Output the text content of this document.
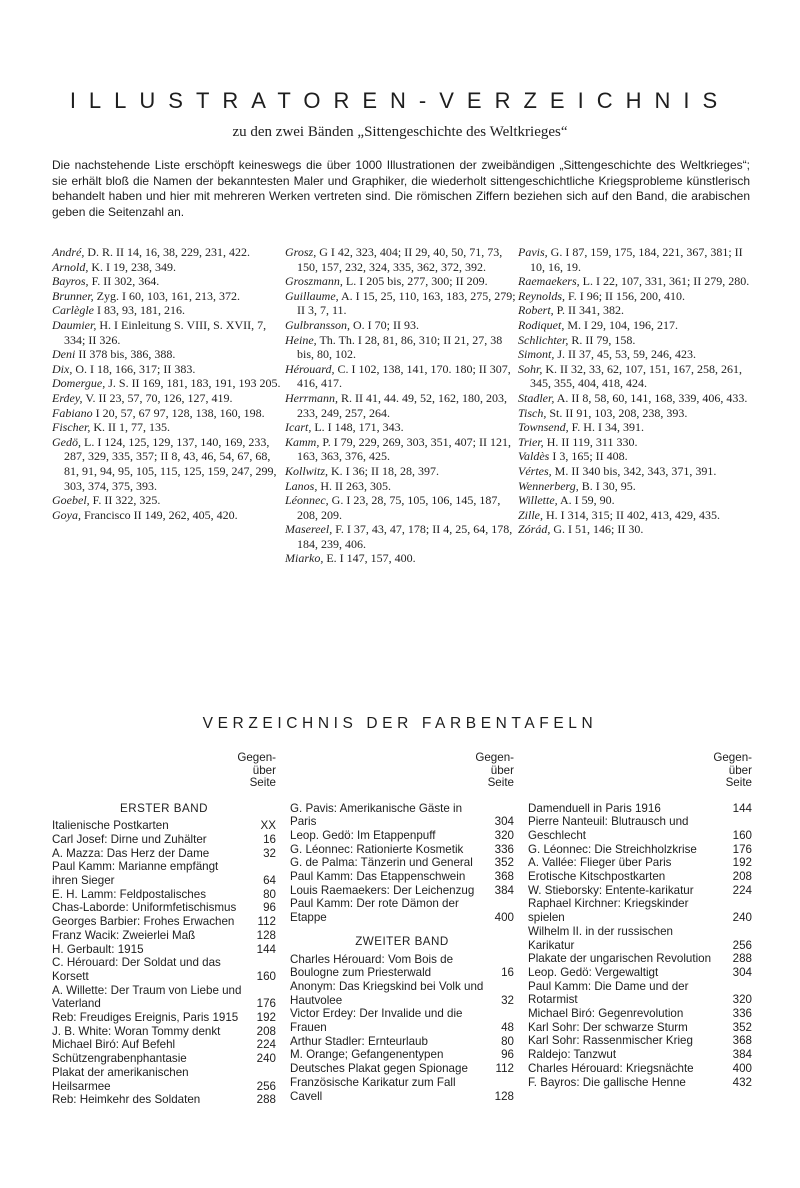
ILLUSTRATOREN-VERZEICHNIS

zu den zwei Bänden „Sittengeschichte des Weltkrieges“

Die nachstehende Liste erschöpft keineswegs die über 1000 Illustrationen der zweibändigen „Sittengeschichte des Weltkrieges“; sie erhält bloß die Namen der bekanntesten Maler und Graphiker, die wiederholt sittengeschichtliche Kriegsprobleme künstlerisch behandelt haben und hier mit mehreren Werken vertreten sind. Die römischen Ziffern beziehen sich auf den Band, die arabischen geben die Seitenzahl an.

André, D. R. II 14, 16, 38, 229, 231, 422.

Arnold, K. I 19, 238, 349.

Bayros, F. II 302, 364.

Brunner, Zyg. I 60, 103, 161, 213, 372.

Carlègle I 83, 93, 181, 216.

Daumier, H. I Einleitung S. VIII, S. XVII, 7, 334; II 326.

Deni II 378 bis, 386, 388.

Dix, O. I 18, 166, 317; II 383.

Domergue, J. S. II 169, 181, 183, 191, 193 205.

Erdey, V. II 23, 57, 70, 126, 127, 419.

Fabiano I 20, 57, 67 97, 128, 138, 160, 198.

Fischer, K. II 1, 77, 135.

Gedö, L. I 124, 125, 129, 137, 140, 169, 233, 287, 329, 335, 357; II 8, 43, 46, 54, 67, 68, 81, 91, 94, 95, 105, 115, 125, 159, 247, 299, 303, 374, 375, 393.

Goebel, F. II 322, 325.

Goya, Francisco II 149, 262, 405, 420.

Grosz, G I 42, 323, 404; II 29, 40, 50, 71, 73, 150, 157, 232, 324, 335, 362, 372, 392.

Groszmann, L. I 205 bis, 277, 300; II 209.

Guillaume, A. I 15, 25, 110, 163, 183, 275, 279; II 3, 7, 11.

Gulbransson, O. I 70; II 93.

Heine, Th. Th. I 28, 81, 86, 310; II 21, 27, 38 bis, 80, 102.

Hérouard, C. I 102, 138, 141, 170. 180; II 307, 416, 417.

Herrmann, R. II 41, 44. 49, 52, 162, 180, 203, 233, 249, 257, 264.

Icart, L. I 148, 171, 343.

Kamm, P. I 79, 229, 269, 303, 351, 407; II 121, 163, 363, 376, 425.

Kollwitz, K. I 36; II 18, 28, 397.

Lanos, H. II 263, 305.

Léonnec, G. I 23, 28, 75, 105, 106, 145, 187, 208, 209.

Masereel, F. I 37, 43, 47, 178; II 4, 25, 64, 178, 184, 239, 406.

Miarko, E. I 147, 157, 400.

Pavis, G. I 87, 159, 175, 184, 221, 367, 381; II 10, 16, 19.

Raemaekers, L. I 22, 107, 331, 361; II 279, 280.

Reynolds, F. I 96; II 156, 200, 410.

Robert, P. II 341, 382.

Rodiquet, M. I 29, 104, 196, 217.

Schlichter, R. II 79, 158.

Simont, J. II 37, 45, 53, 59, 246, 423.

Sohr, K. II 32, 33, 62, 107, 151, 167, 258, 261, 345, 355, 404, 418, 424.

Stadler, A. II 8, 58, 60, 141, 168, 339, 406, 433.

Tisch, St. II 91, 103, 208, 238, 393.

Townsend, F. H. I 34, 391.

Trier, H. II 119, 311 330.

Valdès I 3, 165; II 408.

Vértes, M. II 340 bis, 342, 343, 371, 391.

Wennerberg, B. I 30, 95.

Willette, A. I 59, 90.

Zille, H. I 314, 315; II 402, 413, 429, 435.

Zórád, G. I 51, 146; II 30.

VERZEICHNIS DER FARBENTAFELN
Gegen-
über
Seite
ERSTER BAND
Italienische Postkarten	XX
Carl Josef: Dirne und Zuhälter	16
A. Mazza: Das Herz der Dame	32
Paul Kamm: Marianne empfängt ihren Sieger	64
E. H. Lamm: Feldpostalisches	80
Chas-Laborde: Uniformfetischismus	96
Georges Barbier: Frohes Erwachen	112
Franz Wacik: Zweierlei Maß	128
H. Gerbault: 1915	144
C. Hérouard: Der Soldat und das Korsett	160
A. Willette: Der Traum von Liebe und Vaterland	176
Reb: Freudiges Ereignis, Paris 1915	192
J. B. White: Woran Tommy denkt	208
Michael Biró: Auf Befehl	224
Schützengrabenphantasie	240
Plakat der amerikanischen Heilsarmee	256
Reb: Heimkehr des Soldaten	288
Gegen-
über
Seite
G. Pavis: Amerikanische Gäste in Paris	304
Leop. Gedö: Im Etappenpuff	320
G. Léonnec: Rationierte Kosmetik	336
G. de Palma: Tänzerin und General	352
Paul Kamm: Das Etappenschwein	368
Louis Raemaekers: Der Leichenzug	384
Paul Kamm: Der rote Dämon der Etappe	400
ZWEITER BAND
Charles Hérouard: Vom Bois de Boulogne zum Priesterwald	16
Anonym: Das Kriegskind bei Volk und Hautvolee	32
Victor Erdey: Der Invalide und die Frauen	48
Arthur Stadler: Ernteurlaub	80
M. Orange; Gefangenentypen	96
Deutsches Plakat gegen Spionage	112
Französische Karikatur zum Fall Cavell	128
Gegen-
über
Seite
Damenduell in Paris 1916	144
Pierre Nanteuil: Blutrausch und Geschlecht	160
G. Léonnec: Die Streichholzkrise	176
A. Vallée: Flieger über Paris	192
Erotische Kitschpostkarten	208
W. Stieborsky: Entente-karikatur	224
Raphael Kirchner: Kriegskinder spielen	240
Wilhelm II. in der russischen Karikatur	256
Plakate der ungarischen Revolution	288
Leop. Gedö: Vergewaltigt	304
Paul Kamm: Die Dame und der Rotarmist	320
Michael Biró: Gegenrevolution	336
Karl Sohr: Der schwarze Sturm	352
Karl Sohr: Rassenmischer Krieg	368
Raldejo: Tanzwut	384
Charles Hérouard: Kriegsnächte	400
F. Bayros: Die gallische Henne	432
